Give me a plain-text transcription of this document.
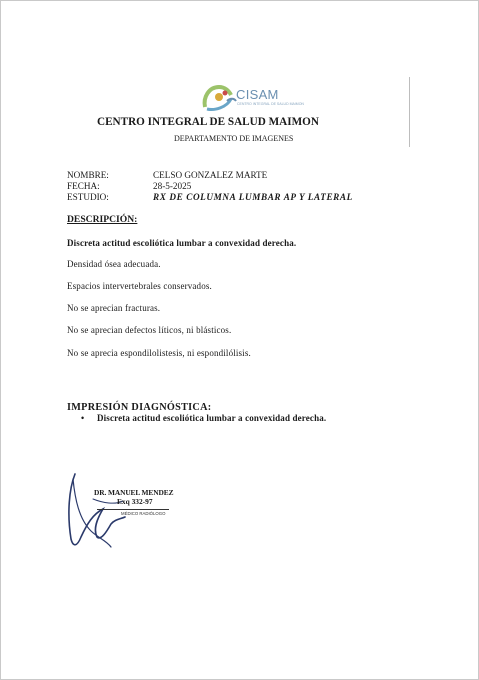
CISAM
CENTRO INTEGRAL DE SALUD MAIMON
CENTRO INTEGRAL DE SALUD MAIMON
DEPARTAMENTO DE IMAGENES
NOMBRE:	CELSO GONZALEZ MARTE
FECHA:	28-5-2025
ESTUDIO:	RX DE COLUMNA LUMBAR AP Y LATERAL
DESCRIPCIÓN:
Discreta actitud escoliótica lumbar a convexidad derecha.
Densidad ósea adecuada.
Espacios intervertebrales conservados.
No se aprecian fracturas.
No se aprecian defectos líticos, ni blásticos.
No se aprecia espondilolistesis, ni espondilólisis.
IMPRESIÓN DIAGNÓSTICA:
• Discreta actitud escoliótica lumbar a convexidad derecha.
DR. MANUEL MENDEZ
Exq 332-97
MÉDICO RADIÓLOGO
